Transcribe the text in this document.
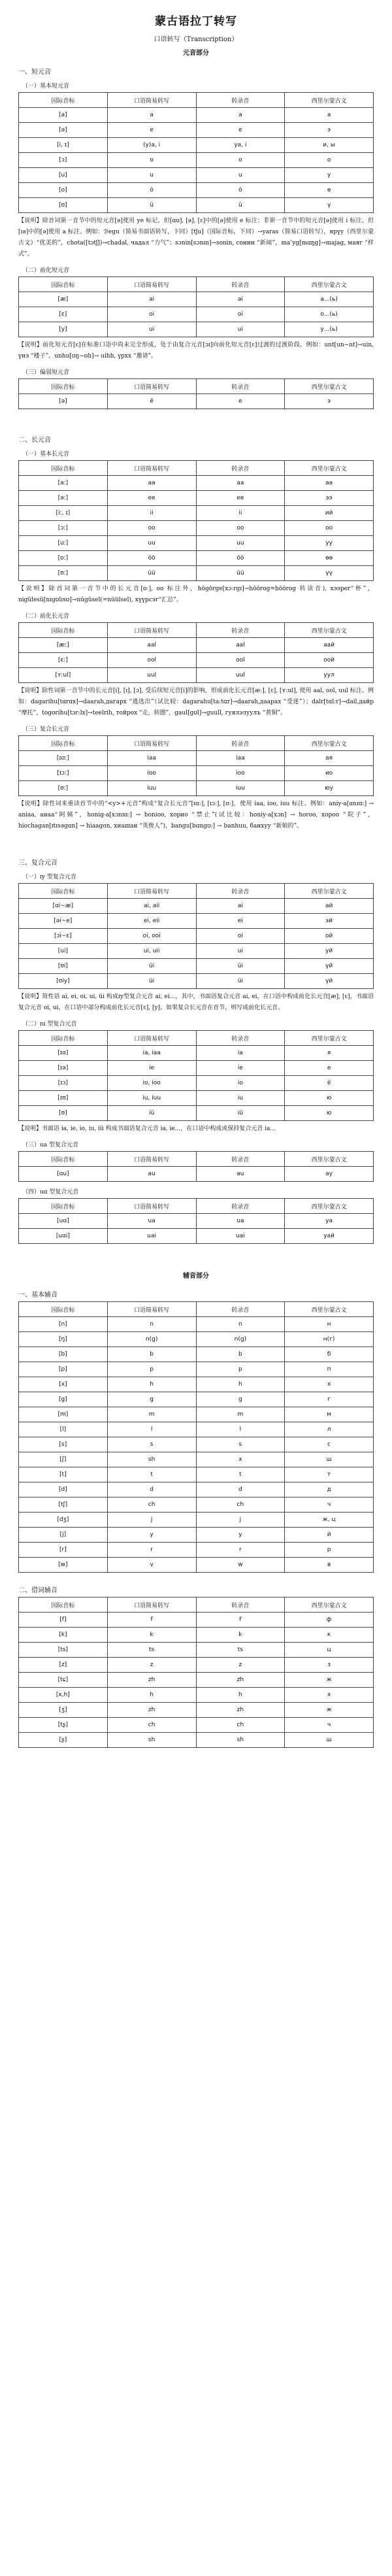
蒙古语拉丁转写
口语转写（Transcription）
元音部分
一、短元音
（一）基本短元音
国际音标	口语简易转写	转录音	西里尔蒙古文
[a]	a	a	а
[ə]	e	e	э
[i, ɪ]	(y)a, i	ya, i	и, ы
[ɔ]	o	o	о
[u]	u	u	у
[o]	ö	ö	ө
[ʊ]	ü	ü	ү
【说明】除首词第一音节中的短元音[ə]使用 ye 标记，但[ɑʊ], [ə], [ɛ]中的[ə]使用 e 标注；非第一音节中的短元音[ə]使用 i 标注，但[ɪə]中的[ə]使用 a 标注。例如：ℬegu（简易书面语转写，下同）[tʃu]（国际音标，下同）→yаrаѕ（简易口语转写），ярүу（西里尔蒙古文）“优美的”，chota([tɔtʃ])→сhаdаl, чадал “力气”；sɔnin[sɔnɪn]→sonin, сонин “新闻”，ma’yg[mɑŋg]→mаjag, маяг “样式”。
（二）前化短元音
国际音标	口语简易转写	转录音	西里尔蒙古文
[æ]	ai	ai	а...(ь)
[ɛ]	oi	oi	о...(ь)
[y]	ui	ui	у...(ь)
【说明】前化短元音[ɛ]在标准口语中尚未完全形成，处于由复合元音[ɔɪ]向前化短元音[ɛ]过渡的过渡阶段。例如：unt[un~nt]→uin, үнэ “楼子”，unhu[ʊŋ~ʊh]→ uihh, үрхх “邀请”。
（三）偏弱短元音
国际音标	口语简易转写	转录音	西里尔蒙古文
[ə]	ē	e	э
二、长元音
（一）基本长元音
国际音标	口语简易转写	转录音	西里尔蒙古文
[aː]	aa	aa	аа
[əː]	ee	ee	ээ
[iː, ɪ]	ii	ii	ий
[ɔː]	oo	oo	оо
[uː]	uu	uu	уу
[oː]	öö	öö	өө
[ʊː]	üü	üü	үү
【说明】除首词第一音节中的长元音[ʊː], oo 标注外，hōgōrge[xɔːrɡɪ]→hōōrog=hōōrog 转读音), хээрег“杯”，nigülesü[nɪgʊlɪsʊ]→nügüsel(=nüülsel), хүүрсэг“汇总”。
（二）前化长元音
国际音标	口语简易转写	转录音	西里尔蒙古文
[æː]	aal	aal	аай
[ɛː]	ool	ool	оой
[ʏːul]	uul	uul	уул
【说明】除性词第一音节中的长元音[i], [ɪ], [ɔ], 受后续短元音[i]的影响，形成前化长元音[æː], [ɛ], [ʏ:ul], 使用 aal, ool, uul 标注。例如：dagarihu[tɑrɑx]→daarah,дагарх “逃选出”（试比较：dagarahu[ta:tɑr]→daarah,дааpax “受迷”）；dalr[tɑl:r]→dail,дайр “摩托”，togorihu[tɔr:lx]→teelrih, тойрох “走，转圈”，gaul[ɡʊl]→guull, гуялэлуулъ “黄铜”。
（三）复合长元音
国际音标	口语简易转写	转录音	西里尔蒙古文
[ɪɑː]	iaa	iaa	ая
[ɪɔː]	ioo	ioo	ио
[ʊː]	iuu	iuu	юу
【说明】除性词来重读首节中的“<y>+元音”构成“复合长元音”[ɪɑː], [ɪɔː], [ʊː]，使用 iaa, ioo, iuu 标注。例如：aniy-a[ɑnɪɑ:] → aniaa, анаа“阿姨”，honig-a[xɔnɪɑ:] → honioo, хорио “禁止”(试比较：honiy-a[xɔn] → horoo, хороо “院子”，hiochagan[ɪtɪsəɡɑn] → hiaagon, хиашан “英俊人”)，bangu[bɑnɡʊ:] → banhuu, банхуу “新娘的”。
三、复合元音
（一）ɪy 型复合元音
国际音标	口语简易转写	转录音	西里尔蒙古文
[ɑi~æ]	ai, aii	ai	ай
[əi~e]	ei, eii	ei	эй
[ɔi~ɛ]	oi, ooi	oi	ой
[ui]	ui, uii	ui	уй
[ʊi]	üi	üi	үй
[ʊiy]	üi	üi	үй
【说明】简性语 ai, ei, oi, ui, üi 构成ɪy型复合元音 ai, ei...，其中，书面语复合元音 ai, ei，在口语中构成前化长元音[æ], [ɛ]，书面语复合元音 oi, ui，在口语中部分构成前化长元音[ɛ], [y]。如果复合长元音在首节，则写成前化长元音。
（二）ɪu 型复合元音
国际音标	口语简易转写	转录音	西里尔蒙古文
[ɪɑ]	ia, iaa	ia	я
[ɪə]	ie	ie	е
[ɪɔ]	io, ioo	io	ё
[ɪʊ]	iu, iuu	iu	ю
[ʊ]	iü	iü	ю
【说明】书面语 ia, ie, io, iu, iü 构成书面语复合元音 ia, ie...，在口语中构成或保持复合元音 ia...
（三）ua 型复合元音
国际音标	口语简易转写	转录音	西里尔蒙古文
[ɑu]	au	au	ау
（四）uɑ 型复合元音
国际音标	口语简易转写	转录音	西里尔蒙古文
[uɑ]	ua	ua	уа
[uɑi]	uai	uai	уай
辅音部分
一、基本辅音
国际音标	口语简易转写	转录音	西里尔蒙古文
[n]	n	n	н
[ŋ]	n(g)	n(g)	н(г)
[b]	b	b	б
[p]	p	p	п
[x]	h	h	х
[g]	g	g	г
[m]	m	m	м
[l]	l	l	л
[s]	s	s	с
[ʃ]	sh	x	ш
[t]	t	t	т
[d]	d	d	д
[tʃ]	ch	ch	ч
[dʒ]	j	j	ж, ц
[j]	y	y	й
[r]	r	r	р
[w]	v	w	в
二、借词辅音
国际音标	口语简易转写	转录音	西里尔蒙古文
[f]	f	f	ф
[k]	k	k	к
[ts]	ts	ts	ц
[z]	z	z	з
[tɕ]	zh	zh	ж
[x,h]	h	h	х
[ʒ]	zh	zh	ж
[tʂ]	ch	ch	ч
[ʂ]	sh	sh	ш
